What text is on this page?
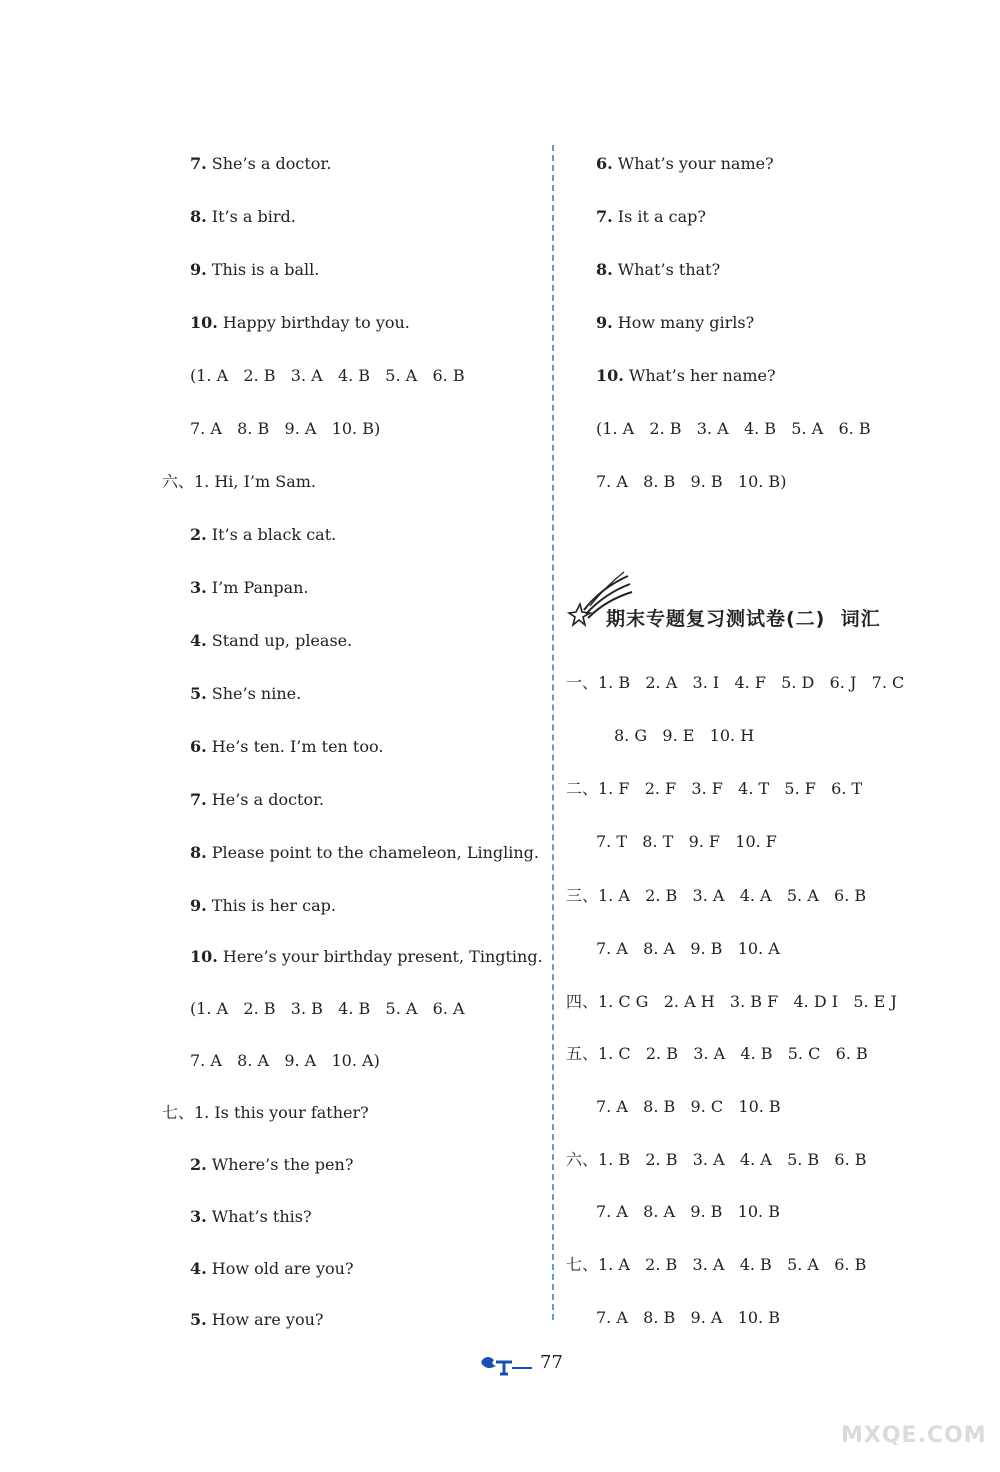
7. She’s a doctor.
8. It’s a bird.
9. This is a ball.
10. Happy birthday to you.
(1. A   2. B   3. A   4. B   5. A   6. B
7. A   8. B   9. A   10. B)
六、1. Hi, I’m Sam.
2. It’s a black cat.
3. I’m Panpan.
4. Stand up, please.
5. She’s nine.
6. He’s ten. I’m ten too.
7. He’s a doctor.
8. Please point to the chameleon, Lingling.
9. This is her cap.
10. Here’s your birthday present, Tingting.
(1. A   2. B   3. B   4. B   5. A   6. A
7. A   8. A   9. A   10. A)
七、1. Is this your father?
2. Where’s the pen?
3. What’s this?
4. How old are you?
5. How are you?
6. What’s your name?
7. Is it a cap?
8. What’s that?
9. How many girls?
10. What’s her name?
(1. A   2. B   3. A   4. B   5. A   6. B
7. A   8. B   9. B   10. B)
一、1. B   2. A   3. I   4. F   5. D   6. J   7. C
8. G   9. E   10. H
二、1. F   2. F   3. F   4. T   5. F   6. T
7. T   8. T   9. F   10. F
三、1. A   2. B   3. A   4. A   5. A   6. B
7. A   8. A   9. B   10. A
四、1. C G   2. A H   3. B F   4. D I   5. E J
五、1. C   2. B   3. A   4. B   5. C   6. B
7. A   8. B   9. C   10. B
六、1. B   2. B   3. A   4. A   5. B   6. B
7. A   8. A   9. B   10. B
七、1. A   2. B   3. A   4. B   5. A   6. B
7. A   8. B   9. A   10. B
期末专题复习测试卷(二)  词汇
77
MXQE.COM
